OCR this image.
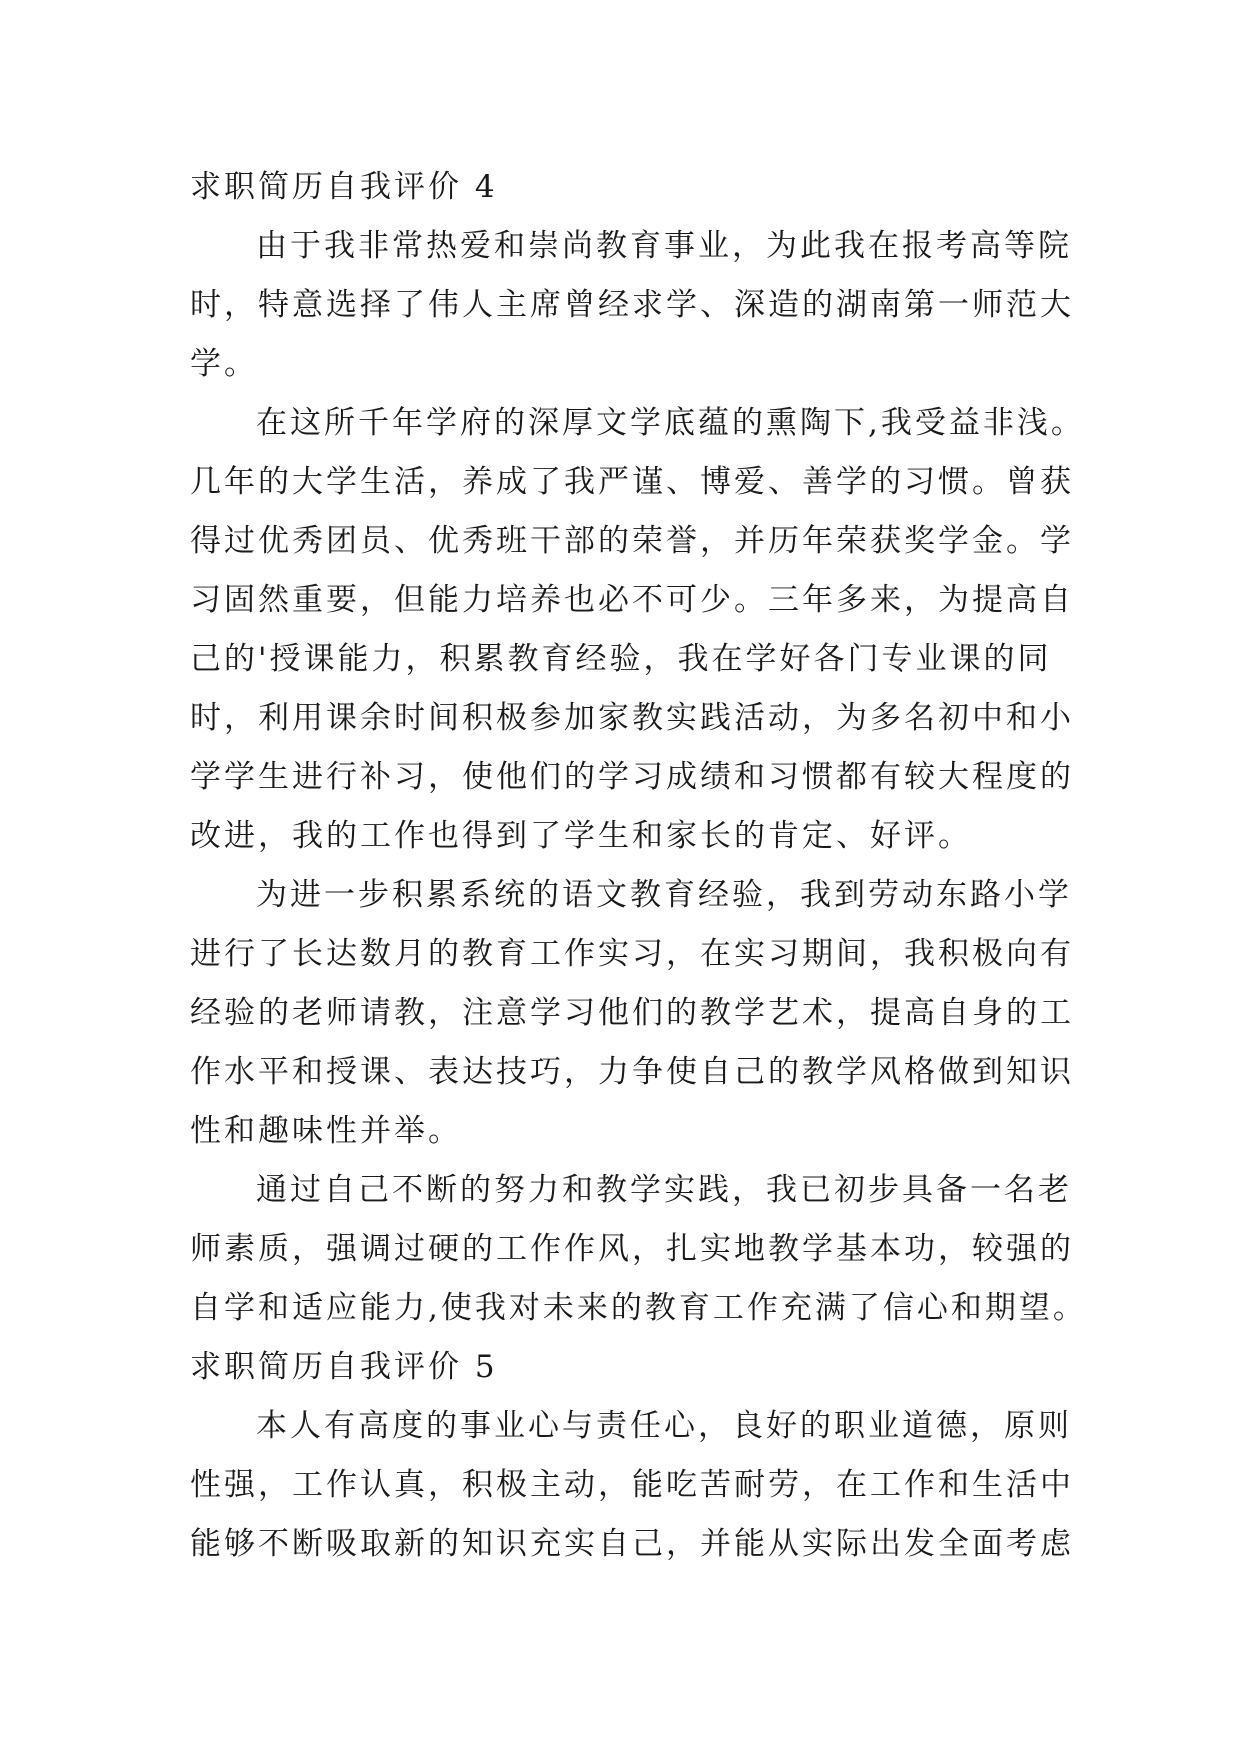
求职简历自我评价 4
由于我非常热爱和崇尚教育事业，为此我在报考高等院
时，特意选择了伟人主席曾经求学、深造的湖南第一师范大
学。
在这所千年学府的深厚文学底蕴的熏陶下,我受益非浅。
几年的大学生活，养成了我严谨、博爱、善学的习惯。曾获
得过优秀团员、优秀班干部的荣誉，并历年荣获奖学金。学
习固然重要，但能力培养也必不可少。三年多来，为提高自
己的'授课能力，积累教育经验，我在学好各门专业课的同
时，利用课余时间积极参加家教实践活动，为多名初中和小
学学生进行补习，使他们的学习成绩和习惯都有较大程度的
改进，我的工作也得到了学生和家长的肯定、好评。
为进一步积累系统的语文教育经验，我到劳动东路小学
进行了长达数月的教育工作实习，在实习期间，我积极向有
经验的老师请教，注意学习他们的教学艺术，提高自身的工
作水平和授课、表达技巧，力争使自己的教学风格做到知识
性和趣味性并举。
通过自己不断的努力和教学实践，我已初步具备一名老
师素质，强调过硬的工作作风，扎实地教学基本功，较强的
自学和适应能力,使我对未来的教育工作充满了信心和期望。
求职简历自我评价 5
本人有高度的事业心与责任心，良好的职业道德，原则
性强，工作认真，积极主动，能吃苦耐劳，在工作和生活中
能够不断吸取新的知识充实自己，并能从实际出发全面考虑
